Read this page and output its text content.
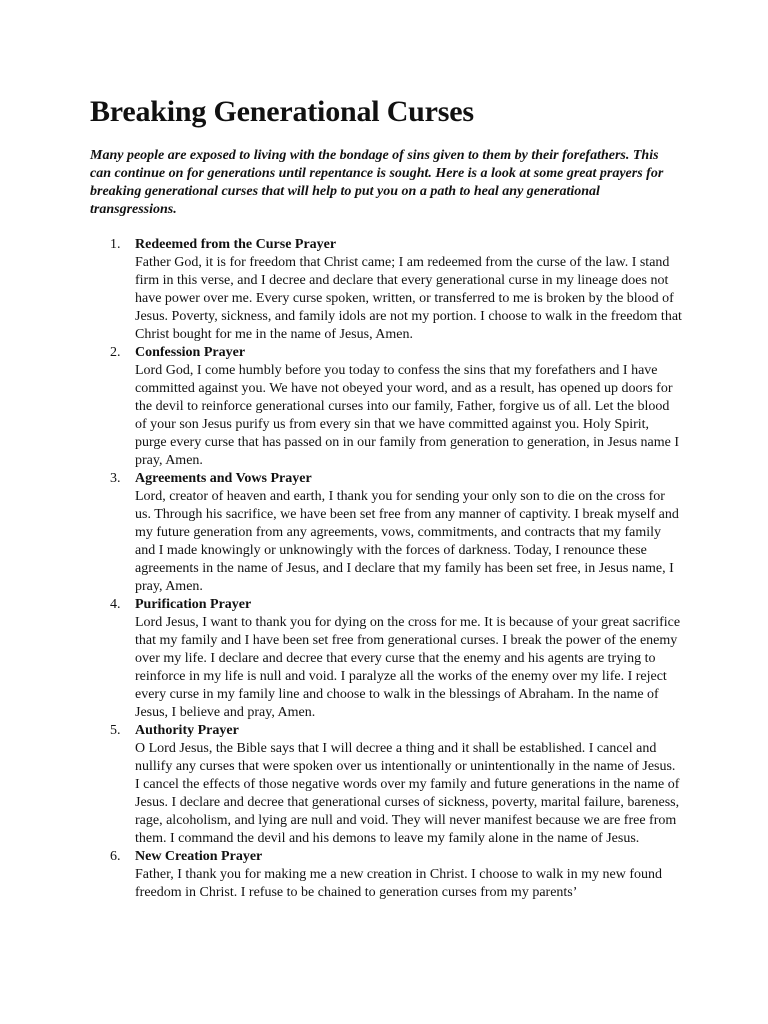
Breaking Generational Curses

Many people are exposed to living with the bondage of sins given to them by their forefathers. This can continue on for generations until repentance is sought. Here is a look at some great prayers for breaking generational curses that will help to put you on a path to heal any generational transgressions.

1. Redeemed from the Curse Prayer
Father God, it is for freedom that Christ came; I am redeemed from the curse of the law. I stand firm in this verse, and I decree and declare that every generational curse in my lineage does not have power over me. Every curse spoken, written, or transferred to me is broken by the blood of Jesus. Poverty, sickness, and family idols are not my portion. I choose to walk in the freedom that Christ bought for me in the name of Jesus, Amen.
2. Confession Prayer
Lord God, I come humbly before you today to confess the sins that my forefathers and I have committed against you. We have not obeyed your word, and as a result, has opened up doors for the devil to reinforce generational curses into our family, Father, forgive us of all. Let the blood of your son Jesus purify us from every sin that we have committed against you. Holy Spirit, purge every curse that has passed on in our family from generation to generation, in Jesus name I pray, Amen.
3. Agreements and Vows Prayer
Lord, creator of heaven and earth, I thank you for sending your only son to die on the cross for us. Through his sacrifice, we have been set free from any manner of captivity. I break myself and my future generation from any agreements, vows, commitments, and contracts that my family and I made knowingly or unknowingly with the forces of darkness. Today, I renounce these agreements in the name of Jesus, and I declare that my family has been set free, in Jesus name, I pray, Amen.
4. Purification Prayer
Lord Jesus, I want to thank you for dying on the cross for me. It is because of your great sacrifice that my family and I have been set free from generational curses. I break the power of the enemy over my life. I declare and decree that every curse that the enemy and his agents are trying to reinforce in my life is null and void. I paralyze all the works of the enemy over my life. I reject every curse in my family line and choose to walk in the blessings of Abraham. In the name of Jesus, I believe and pray, Amen.
5. Authority Prayer
O Lord Jesus, the Bible says that I will decree a thing and it shall be established. I cancel and nullify any curses that were spoken over us intentionally or unintentionally in the name of Jesus. I cancel the effects of those negative words over my family and future generations in the name of Jesus. I declare and decree that generational curses of sickness, poverty, marital failure, bareness, rage, alcoholism, and lying are null and void. They will never manifest because we are free from them. I command the devil and his demons to leave my family alone in the name of Jesus.
6. New Creation Prayer
Father, I thank you for making me a new creation in Christ. I choose to walk in my new found freedom in Christ. I refuse to be chained to generation curses from my parents’
